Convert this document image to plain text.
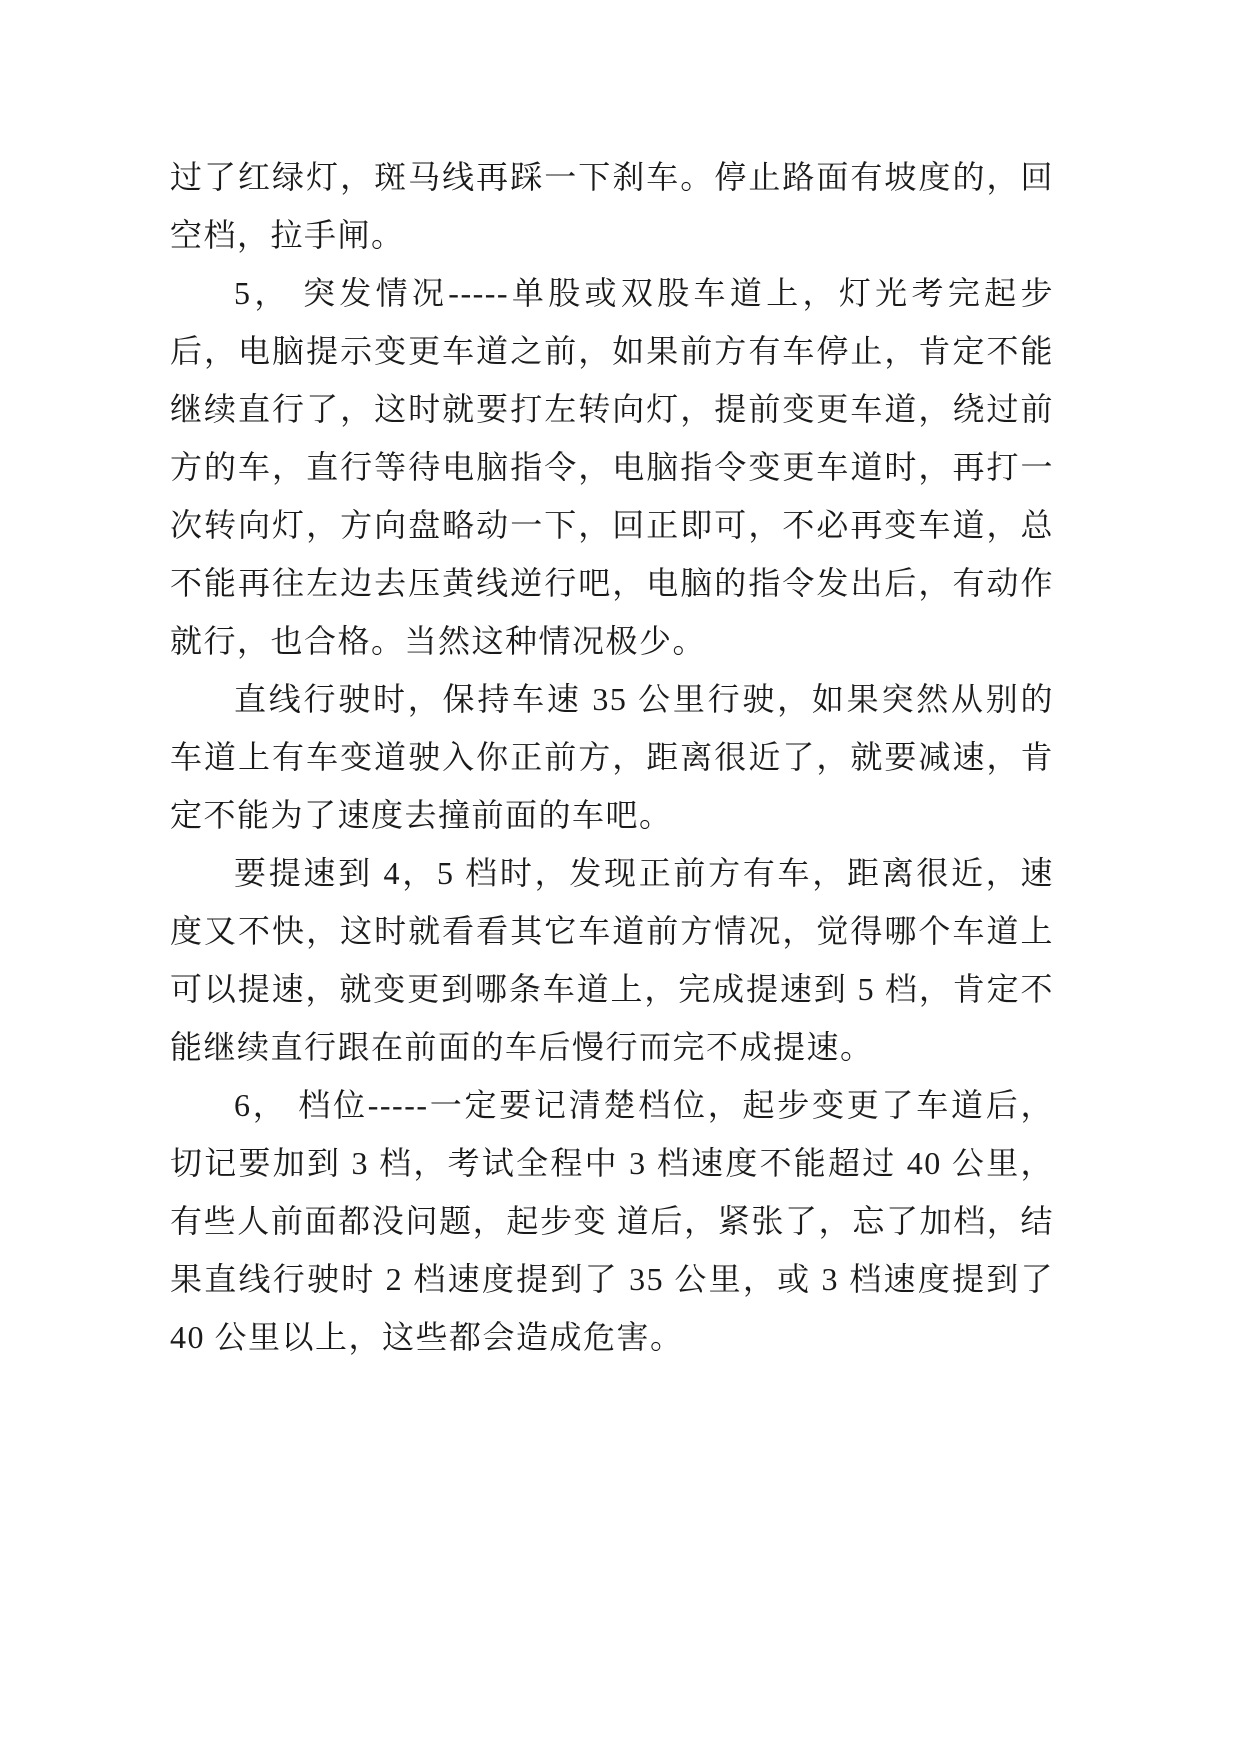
过了红绿灯，斑马线再踩一下刹车。停止路面有坡度的，回空档，拉手闸。

5， 突发情况-----单股或双股车道上，灯光考完起步后，电脑提示变更车道之前，如果前方有车停止，肯定不能继续直行了，这时就要打左转向灯，提前变更车道，绕过前方的车，直行等待电脑指令，电脑指令变更车道时，再打一次转向灯，方向盘略动一下，回正即可，不必再变车道，总不能再往左边去压黄线逆行吧，电脑的指令发出后，有动作就行，也合格。当然这种情况极少。

直线行驶时，保持车速 35 公里行驶，如果突然从别的车道上有车变道驶入你正前方，距离很近了，就要减速，肯定不能为了速度去撞前面的车吧。

要提速到 4，5 档时，发现正前方有车，距离很近，速度又不快，这时就看看其它车道前方情况，觉得哪个车道上可以提速，就变更到哪条车道上，完成提速到 5 档，肯定不能继续直行跟在前面的车后慢行而完不成提速。

6， 档位-----一定要记清楚档位，起步变更了车道后，切记要加到 3 档，考试全程中 3 档速度不能超过 40 公里，有些人前面都没问题，起步变 道后，紧张了，忘了加档，结果直线行驶时 2 档速度提到了 35 公里，或 3 档速度提到了 40 公里以上，这些都会造成危害。
